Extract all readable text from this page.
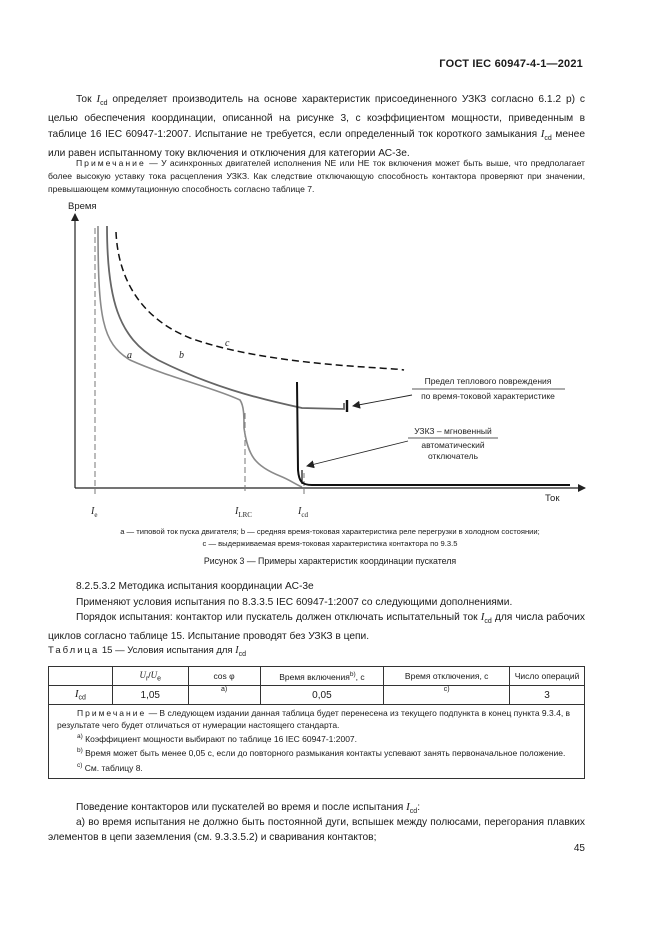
ГОСТ IEC 60947-4-1—2021
Ток $I_{cd}$ определяет производитель на основе характеристик присоединенного УЗКЗ согласно 6.1.2 р) с целью обеспечения координации, описанной на рисунке 3, с коэффициентом мощности, приведенным в таблице 16 IEC 60947-1:2007. Испытание не требуется, если определенный ток короткого замыкания $I_{cd}$ менее или равен испытанному току включения и отключения для категории АС-3е.
Примечание — У асинхронных двигателей исполнения NE или HE ток включения может быть выше, что предполагает более высокую уставку тока расцепления УЗКЗ. Как следствие отключающую способность контактора проверяют при значении, превышающем коммутационную способность согласно таблице 7.
Время
Ток
a	b
c
Предел теплового повреждения
по время-токовой характеристике
УЗКЗ – мгновенный
автоматический
отключатель
$I_e$	$I_{LRC}$	$I_{cd}$
a — типовой ток пуска двигателя; b — средняя время-токовая характеристика реле перегрузки в холодном состоянии;
c — выдерживаемая время-токовая характеристика контактора по 9.3.5
Рисунок 3 — Примеры характеристик координации пускателя
8.2.5.3.2 Методика испытания координации АС-3е
Применяют условия испытания по 8.3.3.5 IEC 60947-1:2007 со следующими дополнениями.
Порядок испытания: контактор или пускатель должен отключать испытательный ток $I_{cd}$ для числа рабочих циклов согласно таблице 15. Испытание проводят без УЗКЗ в цепи.
Таблица 15 — Условия испытания для $I_{cd}$
	$U_r/U_e$	cos φ	Время включения$^{b)}$, с	Время отключения, с	Число операций
$I_{cd}$	1,05	a)	0,05	c)	3

Примечание — В следующем издании данная таблица будет перенесена из текущего подпункта в конец пункта 9.3.4, в результате чего будет отличаться от нумерации настоящего стандарта.
$^{a)}$ Коэффициент мощности выбирают по таблице 16 IEC 60947-1:2007.
$^{b)}$ Время может быть менее 0,05 с, если до повторного размыкания контакты успевают занять первоначальное положение.
$^{c)}$ См. таблицу 8.					
Поведение контакторов или пускателей во время и после испытания $I_{cd}$:
а) во время испытания не должно быть постоянной дуги, вспышек между полюсами, перегорания плавких элементов в цепи заземления (см. 9.3.3.5.2) и сваривания контактов;
45
